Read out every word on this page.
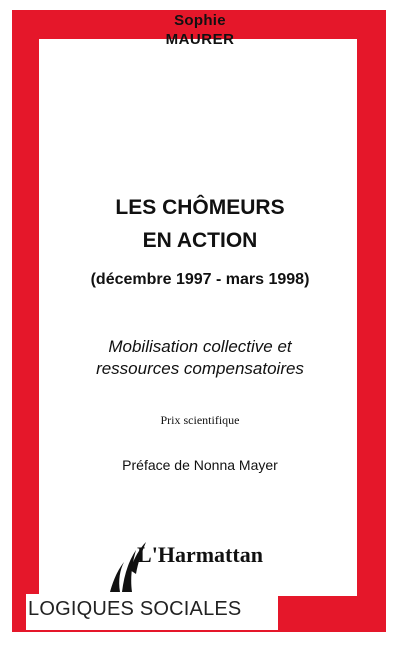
Sophie
MAURER
LES CHÔMEURS
EN ACTION
(décembre 1997 - mars 1998)
Mobilisation collective et
ressources compensatoires
Prix scientifique
Préface de Nonna Mayer
L'Harmattan
LOGIQUES SOCIALES
